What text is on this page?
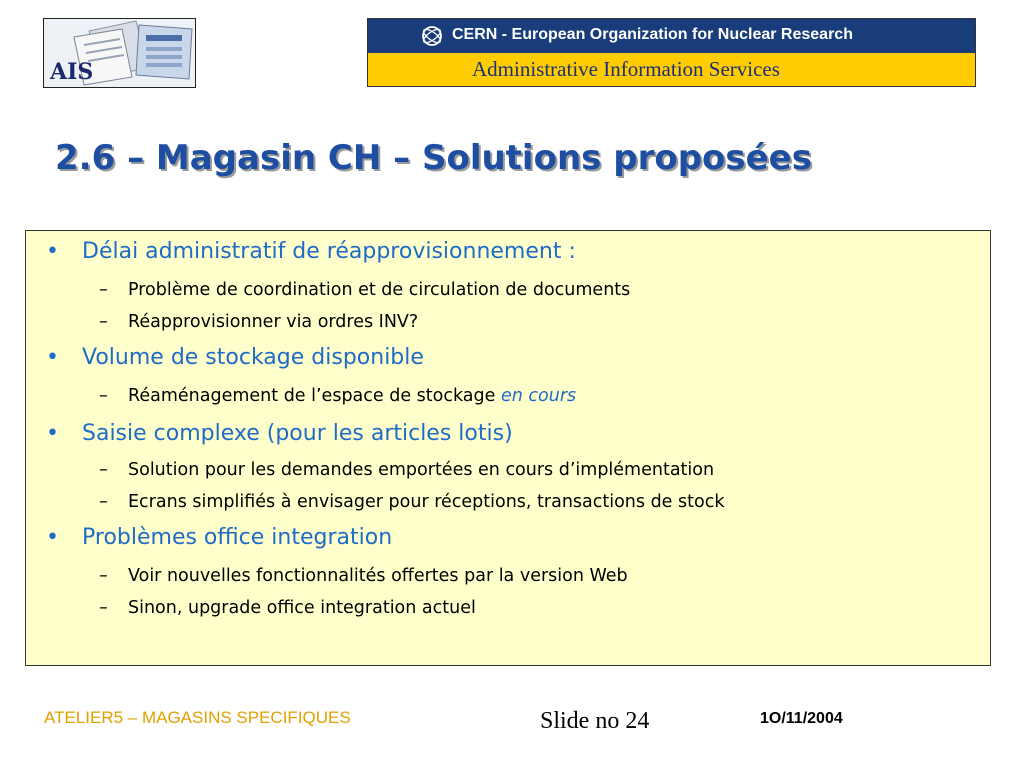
AIS
CERN - European Organization for Nuclear Research
Administrative Information Services
2.6 – Magasin CH – Solutions proposées
• Délai administratif de réapprovisionnement :
– Problème de coordination et de circulation de documents
– Réapprovisionner via ordres INV?
• Volume de stockage disponible
– Réaménagement de l’espace de stockage en cours
• Saisie complexe (pour les articles lotis)
– Solution pour les demandes emportées en cours d’implémentation
– Ecrans simplifiés à envisager pour réceptions, transactions de stock
• Problèmes office integration
– Voir nouvelles fonctionnalités offertes par la version Web
– Sinon, upgrade office integration actuel
ATELIER5 – MAGASINS SPECIFIQUES	Slide no 24	1O/11/2004
